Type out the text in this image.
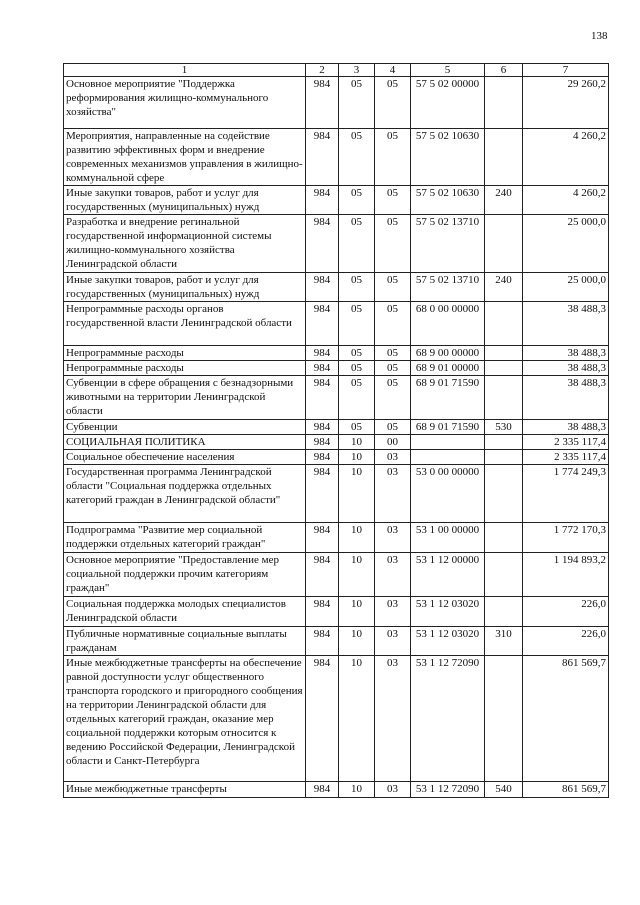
138
1	2	3	4	5	6	7
Основное мероприятие "Поддержка реформирования жилищно-коммунального хозяйства"	984	05	05	57 5 02 00000		29 260,2
Мероприятия, направленные на содействие развитию эффективных форм и внедрение современных механизмов управления в жилищно-коммунальной сфере	984	05	05	57 5 02 10630		4 260,2
Иные закупки товаров, работ и услуг для государственных (муниципальных) нужд	984	05	05	57 5 02 10630	240	4 260,2
Разработка и внедрение регинальной государственной информационной системы жилищно-коммунального хозяйства Ленинградской области	984	05	05	57 5 02 13710		25 000,0
Иные закупки товаров, работ и услуг для государственных (муниципальных) нужд	984	05	05	57 5 02 13710	240	25 000,0
Непрограммные расходы органов государственной власти Ленинградской области	984	05	05	68 0 00 00000		38 488,3
Непрограммные расходы	984	05	05	68 9 00 00000		38 488,3
Непрограммные расходы	984	05	05	68 9 01 00000		38 488,3
Субвенции в сфере обращения с безнадзорными животными на территории Ленинградской области	984	05	05	68 9 01 71590		38 488,3
Субвенции	984	05	05	68 9 01 71590	530	38 488,3
СОЦИАЛЬНАЯ ПОЛИТИКА	984	10	00			2 335 117,4
Социальное обеспечение населения	984	10	03			2 335 117,4
Государственная программа Ленинградской области "Социальная поддержка отдельных категорий граждан в Ленинградской области"	984	10	03	53 0 00 00000		1 774 249,3
Подпрограмма "Развитие мер социальной поддержки отдельных категорий граждан"	984	10	03	53 1 00 00000		1 772 170,3
Основное мероприятие "Предоставление мер социальной поддержки прочим категориям граждан"	984	10	03	53 1 12 00000		1 194 893,2
Социальная поддержка молодых специалистов Ленинградской области	984	10	03	53 1 12 03020		226,0
Публичные нормативные социальные выплаты гражданам	984	10	03	53 1 12 03020	310	226,0
Иные межбюджетные трансферты на обеспечение равной доступности услуг общественного транспорта городского и пригородного сообщения на территории Ленинградской области для отдельных категорий граждан, оказание мер социальной поддержки которым относится к ведению Российской Федерации, Ленинградской области и Санкт-Петербурга	984	10	03	53 1 12 72090		861 569,7
Иные межбюджетные трансферты	984	10	03	53 1 12 72090	540	861 569,7
